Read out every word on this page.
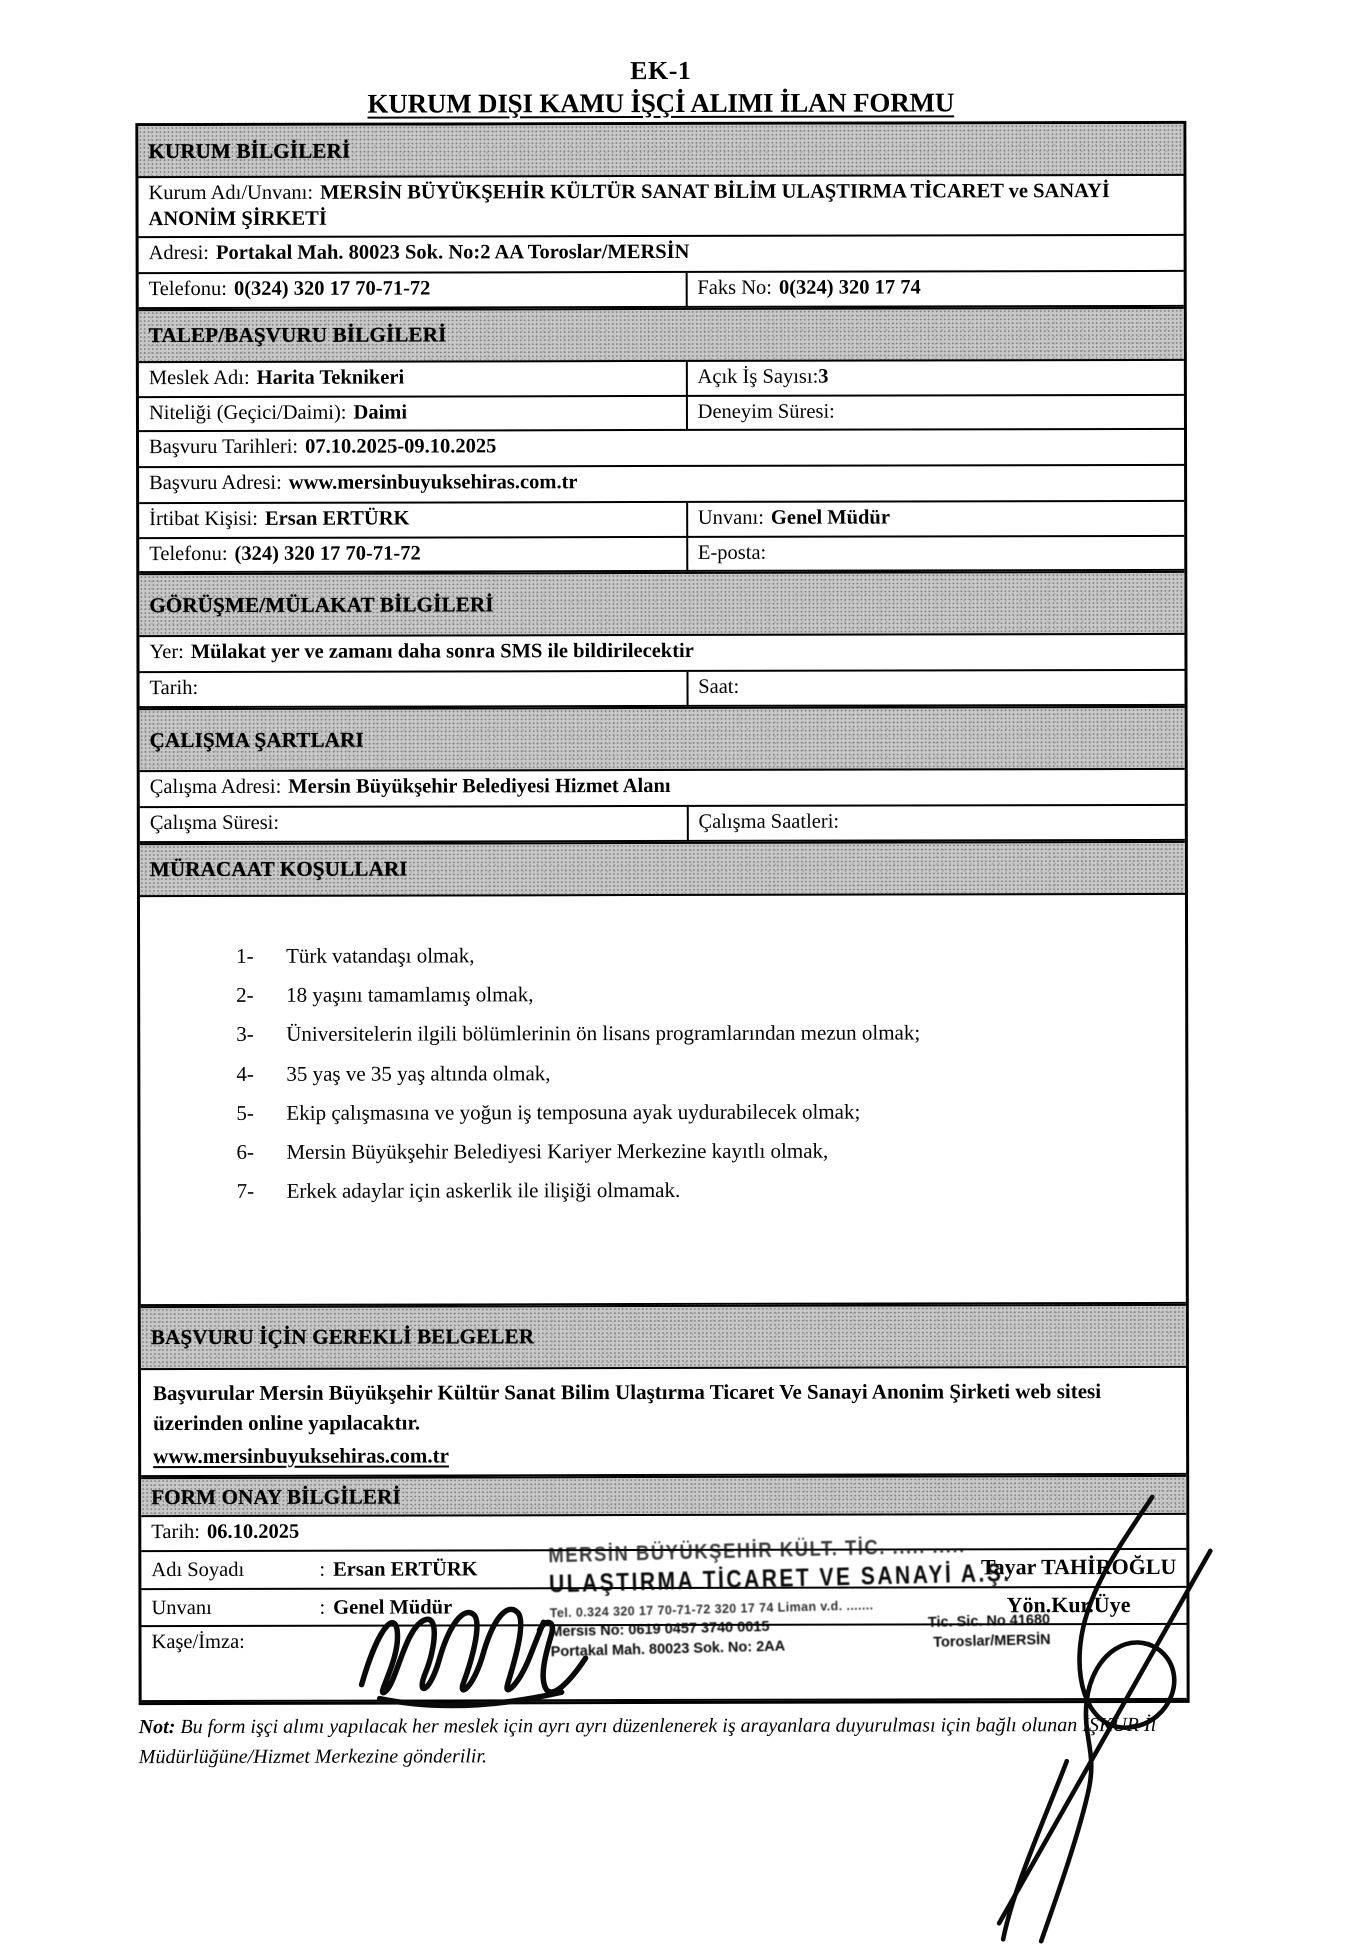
EK-1
KURUM DIŞI KAMU İŞÇİ ALIMI İLAN FORMU
KURUM BİLGİLERİ
Kurum Adı/Unvanı: MERSİN BÜYÜKŞEHİR KÜLTÜR SANAT BİLİM ULAŞTIRMA TİCARET ve SANAYİ ANONİM ŞİRKETİ
Adresi: Portakal Mah. 80023 Sok. No:2 AA Toroslar/MERSİN
Telefonu: 0(324) 320 17 70-71-72	Faks No: 0(324) 320 17 74
TALEP/BAŞVURU BİLGİLERİ
Meslek Adı: Harita Teknikeri	Açık İş Sayısı: 3
Niteliği (Geçici/Daimi): Daimi	Deneyim Süresi:
Başvuru Tarihleri: 07.10.2025-09.10.2025
Başvuru Adresi: www.mersinbuyuksehiras.com.tr
İrtibat Kişisi: Ersan ERTÜRK	Unvanı: Genel Müdür
Telefonu: (324) 320 17 70-71-72	E-posta:
GÖRÜŞME/MÜLAKAT BİLGİLERİ
Yer: Mülakat yer ve zamanı daha sonra SMS ile bildirilecektir
Tarih:	Saat:
ÇALIŞMA ŞARTLARI
Çalışma Adresi: Mersin Büyükşehir Belediyesi Hizmet Alanı
Çalışma Süresi:	Çalışma Saatleri:
MÜRACAAT KOŞULLARI
1-	Türk vatandaşı olmak,
2-	18 yaşını tamamlamış olmak,
3-	Üniversitelerin ilgili bölümlerinin ön lisans programlarından mezun olmak;
4-	35 yaş ve 35 yaş altında olmak,
5-	Ekip çalışmasına ve yoğun iş temposuna ayak uydurabilecek olmak;
6-	Mersin Büyükşehir Belediyesi Kariyer Merkezine kayıtlı olmak,
7-	Erkek adaylar için askerlik ile ilişiği olmamak.
BAŞVURU İÇİN GEREKLİ BELGELER
Başvurular Mersin Büyükşehir Kültür Sanat Bilim Ulaştırma Ticaret Ve Sanayi Anonim Şirketi web sitesi üzerinden online yapılacaktır.
www.mersinbuyuksehiras.com.tr
FORM ONAY BİLGİLERİ
Tarih: 06.10.2025
Adı Soyadı	: Ersan ERTÜRK	Tayar TAHİROĞLU
Unvanı	: Genel Müdür	Yön.Kur.Üye
Kaşe/İmza:
MERSİN BÜYÜKŞEHİR KÜLT. TİC. ..... .....
ULAŞTIRMA TİCARET VE SANAYİ A.Ş.
Tel. 0.324 320 17 70-71-72 320 17 74 Liman v.d. .......
Mersis No: 0619 0457 3740 0015	Tic. Sic. No 41680
Portakal Mah. 80023 Sok. No: 2AA	Toroslar/MERSİN
Not: Bu form işçi alımı yapılacak her meslek için ayrı ayrı düzenlenerek iş arayanlara duyurulması için bağlı olunan İŞKUR İl Müdürlüğüne/Hizmet Merkezine gönderilir.
